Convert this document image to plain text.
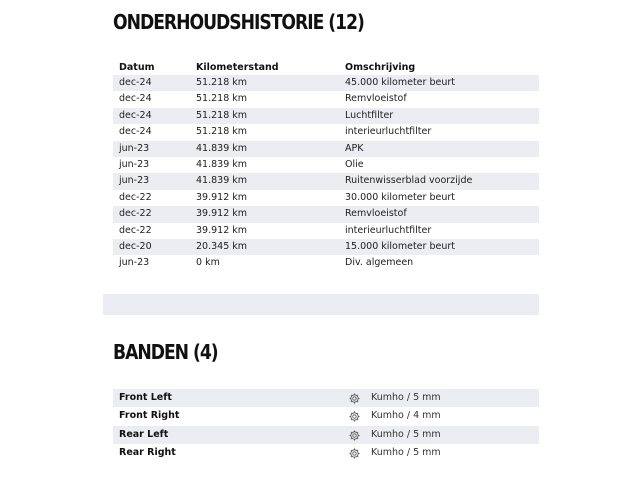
ONDERHOUDSHISTORIE (12)
Datum	Kilometerstand	Omschrijving
dec-24	51.218 km	45.000 kilometer beurt
dec-24	51.218 km	Remvloeistof
dec-24	51.218 km	Luchtfilter
dec-24	51.218 km	interieurluchtfilter
jun-23	41.839 km	APK
jun-23	41.839 km	Olie
jun-23	41.839 km	Ruitenwisserblad voorzijde
dec-22	39.912 km	30.000 kilometer beurt
dec-22	39.912 km	Remvloeistof
dec-22	39.912 km	interieurluchtfilter
dec-20	20.345 km	15.000 kilometer beurt
jun-23	0 km	Div. algemeen
BANDEN (4)
Front Left	Kumho / 5 mm
Front Right	Kumho / 4 mm
Rear Left	Kumho / 5 mm
Rear Right	Kumho / 5 mm
